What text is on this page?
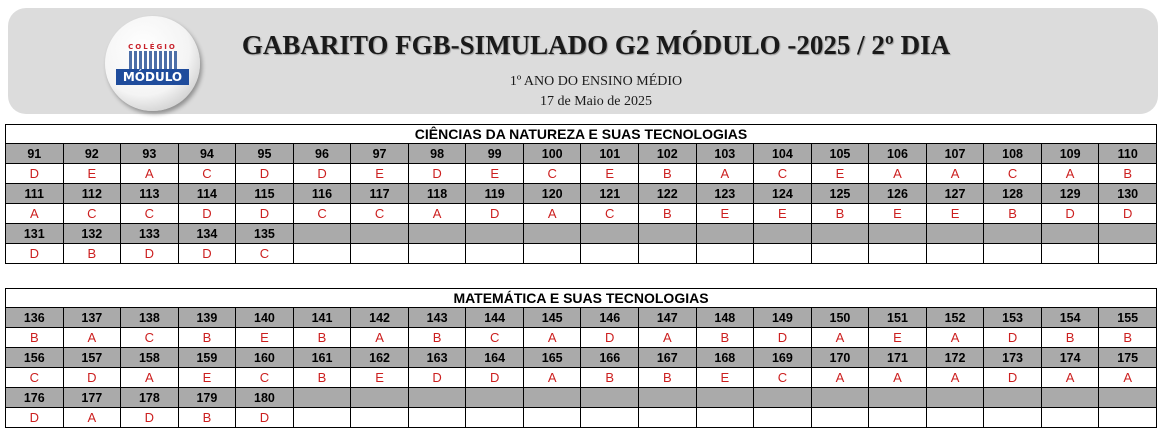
COLÉGIO
MÓDULO
GABARITO FGB-SIMULADO G2 MÓDULO -2025 / 2º DIA
1º ANO DO ENSINO MÉDIO
17 de Maio de 2025
CIÊNCIAS DA NATUREZA E SUAS TECNOLOGIAS																			
91	92	93	94	95	96	97	98	99	100	101	102	103	104	105	106	107	108	109	110
D	E	A	C	D	D	E	D	E	C	E	B	A	C	E	A	A	C	A	B
111	112	113	114	115	116	117	118	119	120	121	122	123	124	125	126	127	128	129	130
A	C	C	D	D	C	C	A	D	A	C	B	E	E	B	E	E	B	D	D
131	132	133	134	135															
D	B	D	D	C															
MATEMÁTICA E SUAS TECNOLOGIAS																			
136	137	138	139	140	141	142	143	144	145	146	147	148	149	150	151	152	153	154	155
B	A	C	B	E	B	A	B	C	A	D	A	B	D	A	E	A	D	B	B
156	157	158	159	160	161	162	163	164	165	166	167	168	169	170	171	172	173	174	175
C	D	A	E	C	B	E	D	D	A	B	B	E	C	A	A	A	D	A	A
176	177	178	179	180															
D	A	D	B	D															
